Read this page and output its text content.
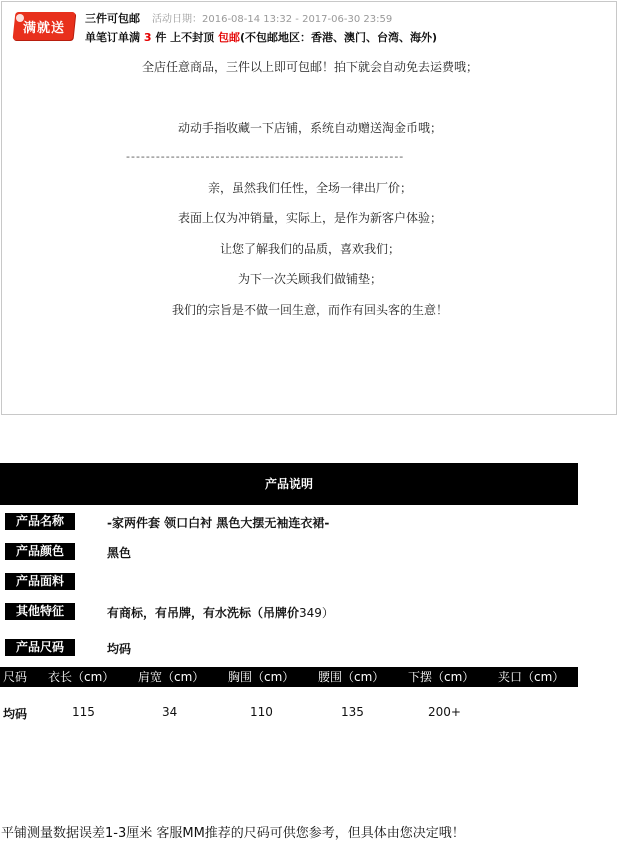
满就送
三件可包邮 活动日期：2016-08-14 13:32 - 2017-06-30 23:59
单笔订单满 3 件 上不封顶 包邮(不包邮地区：香港、澳门、台湾、海外)
全店任意商品，三件以上即可包邮！拍下就会自动免去运费哦；
动动手指收藏一下店铺，系统自动赠送淘金币哦；
--------------------------------------------------------
亲，虽然我们任性，全场一律出厂价；
表面上仅为冲销量，实际上，是作为新客户体验；
让您了解我们的品质，喜欢我们；
为下一次关顾我们做铺垫；
我们的宗旨是不做一回生意，而作有回头客的生意！
产品说明
产品名称	-家两件套 领口白衬 黑色大摆无袖连衣裙-
产品颜色	黑色
产品面料
其他特征	有商标，有吊牌，有水洗标（吊牌价349）
产品尺码	均码
尺码 衣长（cm） 肩宽（cm） 胸围（cm） 腰围（cm） 下摆（cm） 夹口（cm）
均码	115	34	110	135	200+
平铺测量数据误差1-3厘米 客服MM推荐的尺码可供您参考，但具体由您决定哦！
